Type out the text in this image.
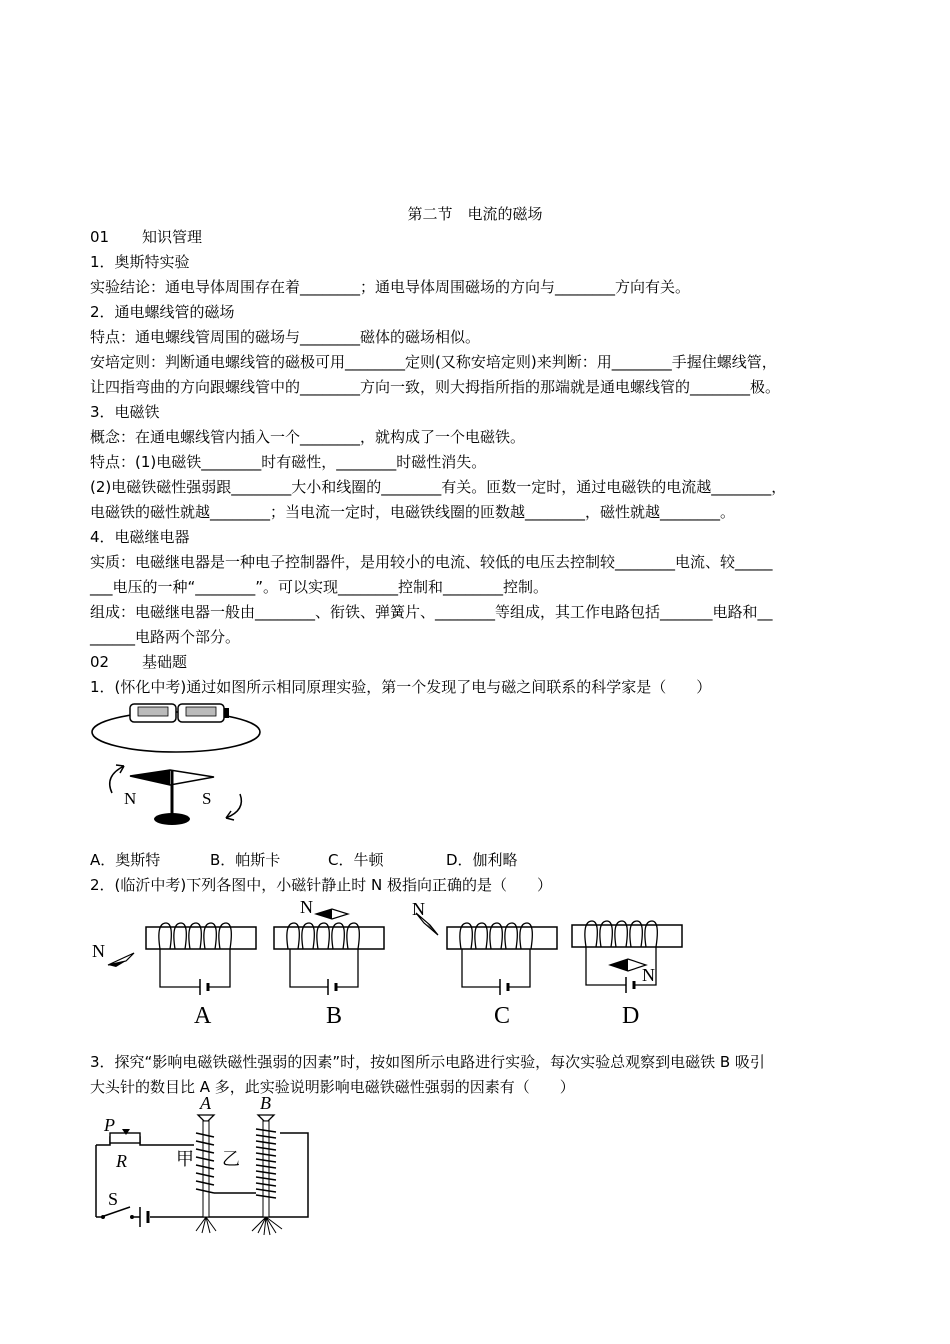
第二节　电流的磁场
01 知识管理
1．奥斯特实验
实验结论：通电导体周围存在着________；通电导体周围磁场的方向与________方向有关。
2．通电螺线管的磁场
特点：通电螺线管周围的磁场与________磁体的磁场相似。
安培定则：判断通电螺线管的磁极可用________定则(又称安培定则)来判断：用________手握住螺线管，
让四指弯曲的方向跟螺线管中的________方向一致，则大拇指所指的那端就是通电螺线管的________极。
3．电磁铁
概念：在通电螺线管内插入一个________，就构成了一个电磁铁。
特点：(1)电磁铁________时有磁性，________时磁性消失。
(2)电磁铁磁性强弱跟________大小和线圈的________有关。匝数一定时，通过电磁铁的电流越________，
电磁铁的磁性就越________；当电流一定时，电磁铁线圈的匝数越________，磁性就越________。
4．电磁继电器
实质：电磁继电器是一种电子控制器件，是用较小的电流、较低的电压去控制较________电流、较_____
___电压的一种“________”。可以实现________控制和________控制。
组成：电磁继电器一般由________、衔铁、弹簧片、________等组成，其工作电路包括_______电路和__
______电路两个部分。
02 基础题
1．(怀化中考)通过如图所示相同原理实验，第一个发现了电与磁之间联系的科学家是（　　）
N	S
A．奥斯特	B．帕斯卡	C．牛顿	D．伽利略
2．(临沂中考)下列各图中，小磁针静止时 N 极指向正确的是（　　）
N
A
N
B
N
C
N
D
3．探究“影响电磁铁磁性强弱的因素”时，按如图所示电路进行实验，每次实验总观察到电磁铁 B 吸引
大头针的数目比 A 多，此实验说明影响电磁铁磁性强弱的因素有（　　）
A	B
P
R
S
甲 乙
